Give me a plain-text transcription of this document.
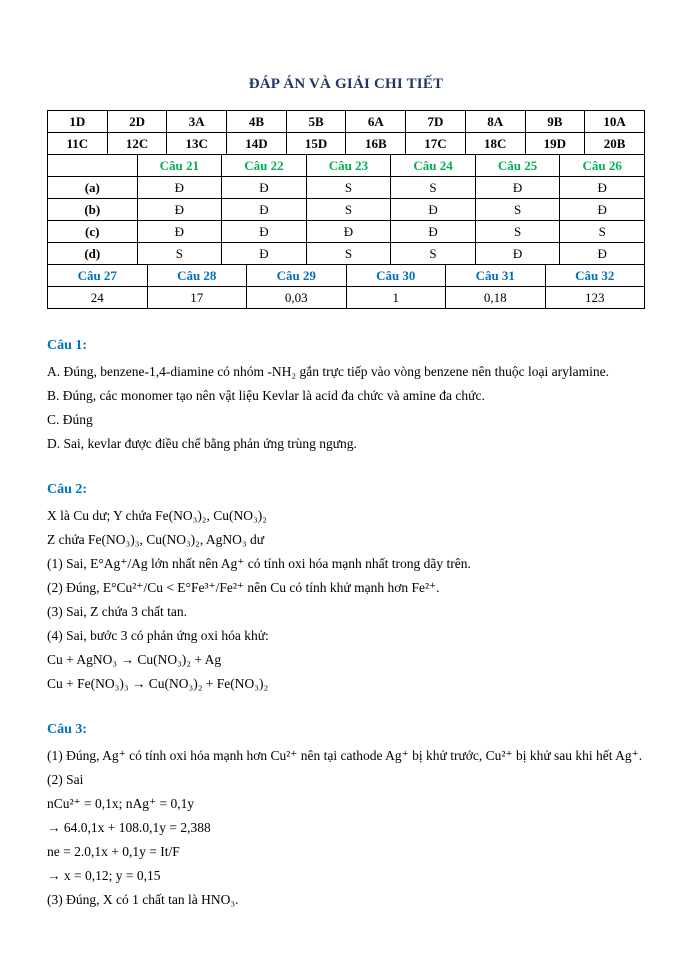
ĐÁP ÁN VÀ GIẢI CHI TIẾT
1D	2D	3A	4B	5B	6A	7D	8A	9B	10A
11C	12C	13C	14D	15D	16B	17C	18C	19D	20B
	Câu 21	Câu 22	Câu 23	Câu 24	Câu 25	Câu 26
(a)	Đ	Đ	S	S	Đ	Đ
(b)	Đ	Đ	S	Đ	S	Đ
(c)	Đ	Đ	Đ	Đ	S	S
(d)	S	Đ	S	S	Đ	Đ
Câu 27	Câu 28	Câu 29	Câu 30	Câu 31	Câu 32
24	17	0,03	1	0,18	123

Câu 1:

A. Đúng, benzene-1,4-diamine có nhóm -NH₂ gắn trực tiếp vào vòng benzene nên thuộc loại arylamine.

B. Đúng, các monomer tạo nên vật liệu Kevlar là acid đa chức và amine đa chức.

C. Đúng

D. Sai, kevlar được điều chế bằng phản ứng trùng ngưng.

Câu 2:

X là Cu dư; Y chứa Fe(NO₃)₂, Cu(NO₃)₂

Z chứa Fe(NO₃)₃, Cu(NO₃)₂, AgNO₃ dư

(1) Sai, E°Ag⁺/Ag lớn nhất nên Ag⁺ có tính oxi hóa mạnh nhất trong dãy trên.

(2) Đúng, E°Cu²⁺/Cu < E°Fe³⁺/Fe²⁺ nên Cu có tính khử mạnh hơn Fe²⁺.

(3) Sai, Z chứa 3 chất tan.

(4) Sai, bước 3 có phản ứng oxi hóa khử:

Cu + AgNO₃ → Cu(NO₃)₂ + Ag

Cu + Fe(NO₃)₃ → Cu(NO₃)₂ + Fe(NO₃)₂

Câu 3:

(1) Đúng, Ag⁺ có tính oxi hóa mạnh hơn Cu²⁺ nên tại cathode Ag⁺ bị khử trước, Cu²⁺ bị khử sau khi hết Ag⁺.

(2) Sai

nCu²⁺ = 0,1x; nAg⁺ = 0,1y

→ 64.0,1x + 108.0,1y = 2,388

ne = 2.0,1x + 0,1y = It/F

→ x = 0,12; y = 0,15

(3) Đúng, X có 1 chất tan là HNO₃.
